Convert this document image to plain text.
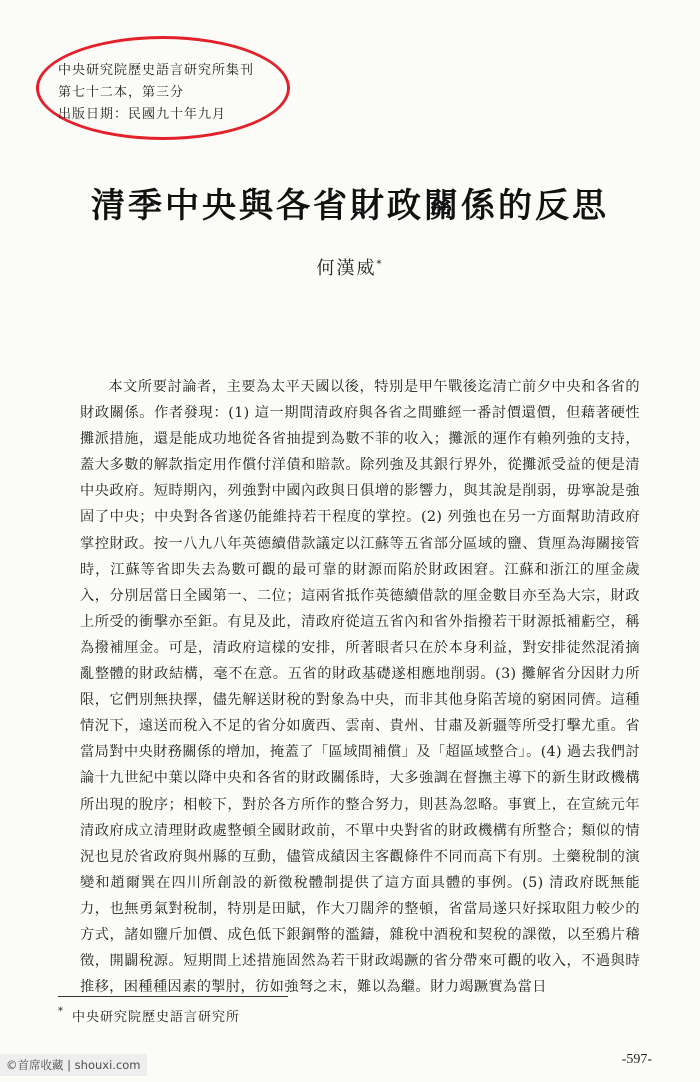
中央研究院歷史語言研究所集刊
第七十二本，第三分
出版日期：民國九十年九月
清季中央與各省財政關係的反思
何漢威*
本文所要討論者，主要為太平天國以後，特別是甲午戰後迄清亡前夕中央和各省的財政關係。作者發現：(1) 這一期間清政府與各省之間雖經一番討價還價，但藉著硬性攤派措施，還是能成功地從各省抽提到為數不菲的收入；攤派的運作有賴列強的支持，蓋大多數的解款指定用作償付洋債和賠款。除列強及其銀行界外，從攤派受益的便是清中央政府。短時期內，列強對中國內政與日俱增的影響力，與其說是削弱，毋寧說是強固了中央；中央對各省遂仍能維持若干程度的掌控。(2) 列強也在另一方面幫助清政府掌控財政。按一八九八年英德續借款議定以江蘇等五省部分區域的鹽、貨厘為海關接管時，江蘇等省即失去為數可觀的最可靠的財源而陷於財政困窘。江蘇和浙江的厘金歲入，分別居當日全國第一、二位；這兩省抵作英德續借款的厘金數目亦至為大宗，財政上所受的衝擊亦至鉅。有見及此，清政府從這五省內和省外指撥若干財源抵補虧空，稱為撥補厘金。可是，清政府這樣的安排，所著眼者只在於本身利益，對安排徒然混淆摘亂整體的財政結構，毫不在意。五省的財政基礎遂相應地削弱。(3) 攤解省分因財力所限，它們別無抉擇，儘先解送財稅的對象為中央，而非其他身陷苦境的窮困同儕。這種情況下，遠送而稅入不足的省分如廣西、雲南、貴州、甘肅及新疆等所受打擊尤重。省當局對中央財務關係的增加，掩蓋了「區域間補償」及「超區域整合」。(4) 過去我們討論十九世紀中葉以降中央和各省的財政關係時，大多強調在督撫主導下的新生財政機構所出現的脫序；相較下，對於各方所作的整合努力，則甚為忽略。事實上，在宣統元年清政府成立清理財政處整頓全國財政前，不單中央對省的財政機構有所整合；類似的情況也見於省政府與州縣的互動，儘管成績因主客觀條件不同而高下有別。土藥稅制的演變和趙爾巽在四川所創設的新徵稅體制提供了這方面具體的事例。(5) 清政府既無能力，也無勇氣對稅制，特別是田賦，作大刀闊斧的整頓，省當局遂只好採取阻力較少的方式，諸如鹽斤加價、成色低下銀銅幣的濫鑄，雜稅中酒稅和契稅的課徵，以至鴉片稽徵，開闢稅源。短期間上述措施固然為若干財政竭蹶的省分帶來可觀的收入，不過與時推移，困種種因素的掣肘，彷如強弩之末，難以為繼。財力竭蹶實為當日
* 中央研究院歷史語言研究所
-597-
©首席收藏 | shouxi.com
